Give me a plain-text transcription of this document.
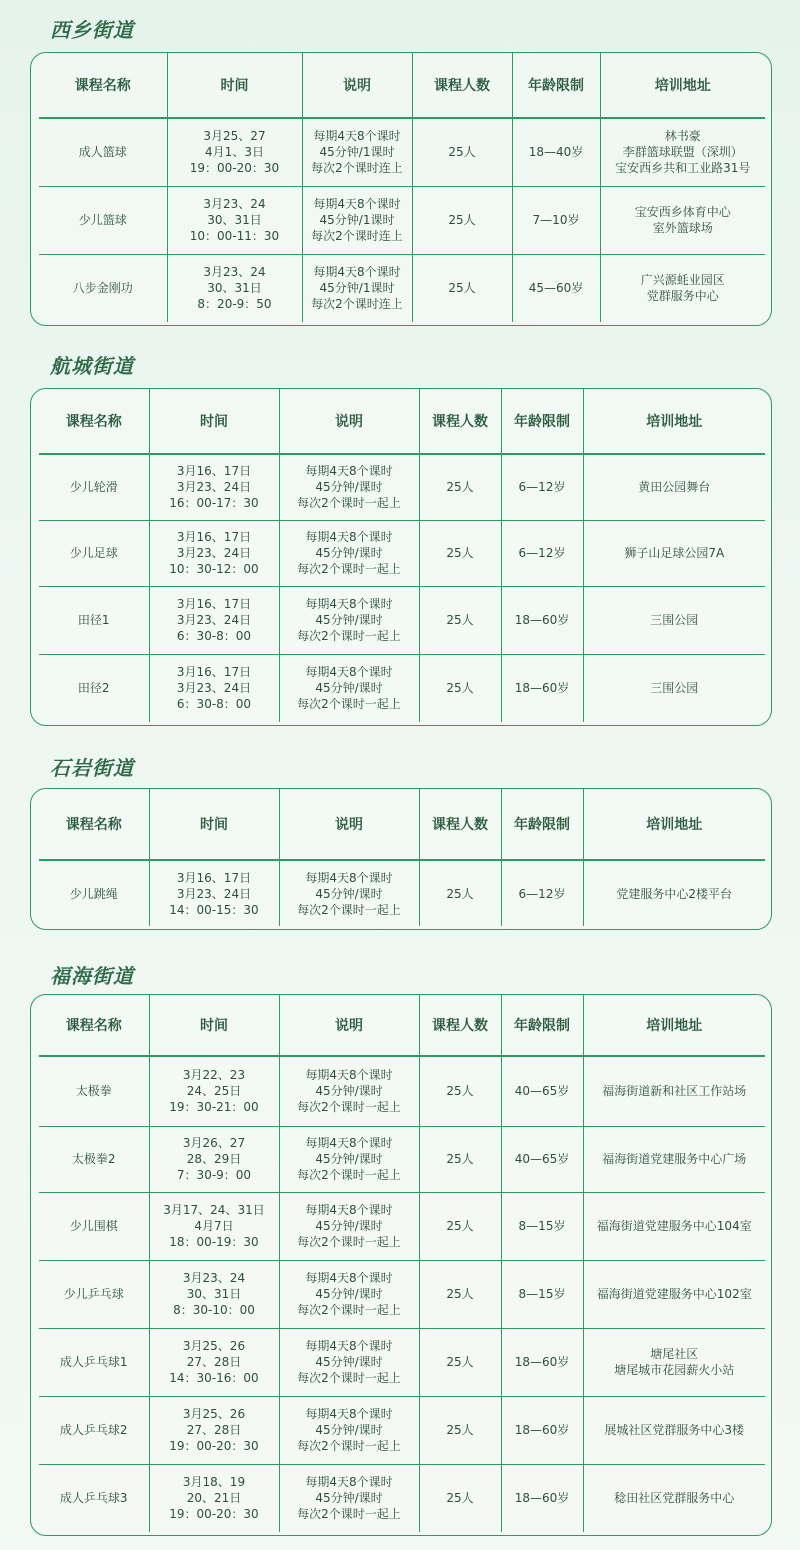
西乡街道
课程名称	时间	说明	课程人数	年龄限制	培训地址
成人篮球	3月25、27
4月1、3日
19：00-20：30	每期4天8个课时
45分钟/1课时
每次2个课时连上	25人	18—40岁	林书豪
李群篮球联盟（深圳）
宝安西乡共和工业路31号

少儿篮球	3月23、24
30、31日
10：00-11：30	每期4天8个课时
45分钟/1课时
每次2个课时连上	25人	7—10岁	宝安西乡体育中心
室外篮球场

八步金刚功	3月23、24
30、31日
8：20-9：50	每期4天8个课时
45分钟/1课时
每次2个课时连上	25人	45—60岁	广兴源蚝业园区
党群服务中心
航城街道
课程名称	时间	说明	课程人数	年龄限制	培训地址
少儿轮滑	3月16、17日
3月23、24日
16：00-17：30	每期4天8个课时
45分钟/课时
每次2个课时一起上	25人	6—12岁	黄田公园舞台

少儿足球	3月16、17日
3月23、24日
10：30-12：00	每期4天8个课时
45分钟/课时
每次2个课时一起上	25人	6—12岁	狮子山足球公园7A

田径1	3月16、17日
3月23、24日
6：30-8：00	每期4天8个课时
45分钟/课时
每次2个课时一起上	25人	18—60岁	三围公园

田径2	3月16、17日
3月23、24日
6：30-8：00	每期4天8个课时
45分钟/课时
每次2个课时一起上	25人	18—60岁	三围公园
石岩街道
课程名称	时间	说明	课程人数	年龄限制	培训地址
少儿跳绳	3月16、17日
3月23、24日
14：00-15：30	每期4天8个课时
45分钟/课时
每次2个课时一起上	25人	6—12岁	党建服务中心2楼平台
福海街道
课程名称	时间	说明	课程人数	年龄限制	培训地址
太极拳	3月22、23
24、25日
19：30-21：00	每期4天8个课时
45分钟/课时
每次2个课时一起上	25人	40—65岁	福海街道新和社区工作站场

太极拳2	3月26、27
28、29日
7：30-9：00	每期4天8个课时
45分钟/课时
每次2个课时一起上	25人	40—65岁	福海街道党建服务中心广场

少儿围棋	3月17、24、31日
4月7日
18：00-19：30	每期4天8个课时
45分钟/课时
每次2个课时一起上	25人	8—15岁	福海街道党建服务中心104室

少儿乒乓球	3月23、24
30、31日
8：30-10：00	每期4天8个课时
45分钟/课时
每次2个课时一起上	25人	8—15岁	福海街道党建服务中心102室

成人乒乓球1	3月25、26
27、28日
14：30-16：00	每期4天8个课时
45分钟/课时
每次2个课时一起上	25人	18—60岁	塘尾社区
塘尾城市花园薪火小站

成人乒乓球2	3月25、26
27、28日
19：00-20：30	每期4天8个课时
45分钟/课时
每次2个课时一起上	25人	18—60岁	展城社区党群服务中心3楼

成人乒乓球3	3月18、19
20、21日
19：00-20：30	每期4天8个课时
45分钟/课时
每次2个课时一起上	25人	18—60岁	稔田社区党群服务中心
